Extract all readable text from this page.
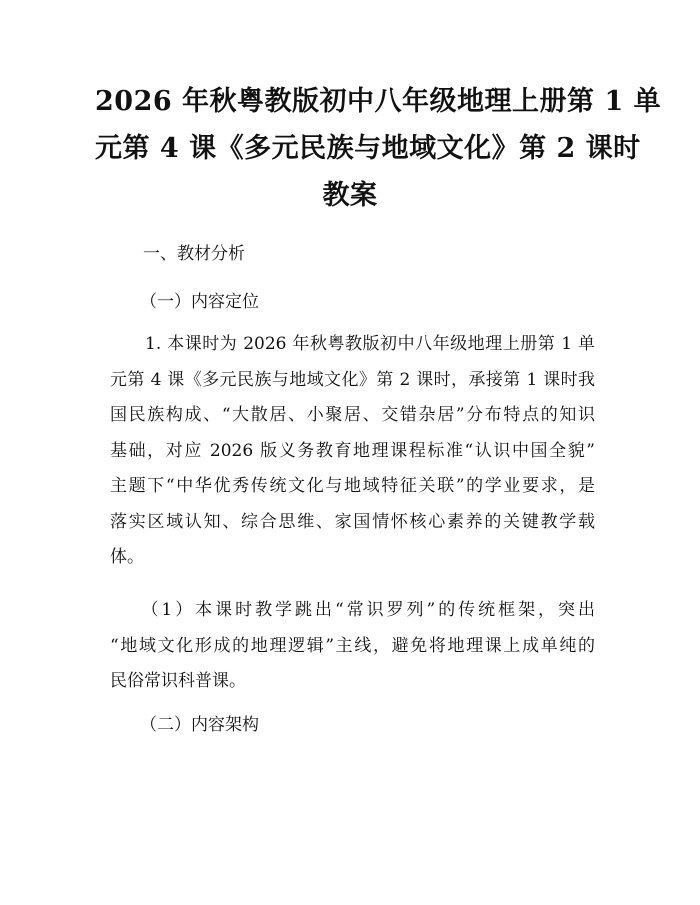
2026 年秋粤教版初中八年级地理上册第 1 单
元第 4 课《多元民族与地域文化》第 2 课时
教案
一、教材分析
（一）内容定位
　　1. 本课时为 2026 年秋粤教版初中八年级地理上册第 1 单
元第 4 课《多元民族与地域文化》第 2 课时，承接第 1 课时我
国民族构成、“大散居、小聚居、交错杂居”分布特点的知识
基础，对应 2026 版义务教育地理课程标准“认识中国全貌”
主题下“中华优秀传统文化与地域特征关联”的学业要求，是
落实区域认知、综合思维、家国情怀核心素养的关键教学载
体。
　　（1）本课时教学跳出“常识罗列”的传统框架，突出
“地域文化形成的地理逻辑”主线，避免将地理课上成单纯的
民俗常识科普课。
（二）内容架构
